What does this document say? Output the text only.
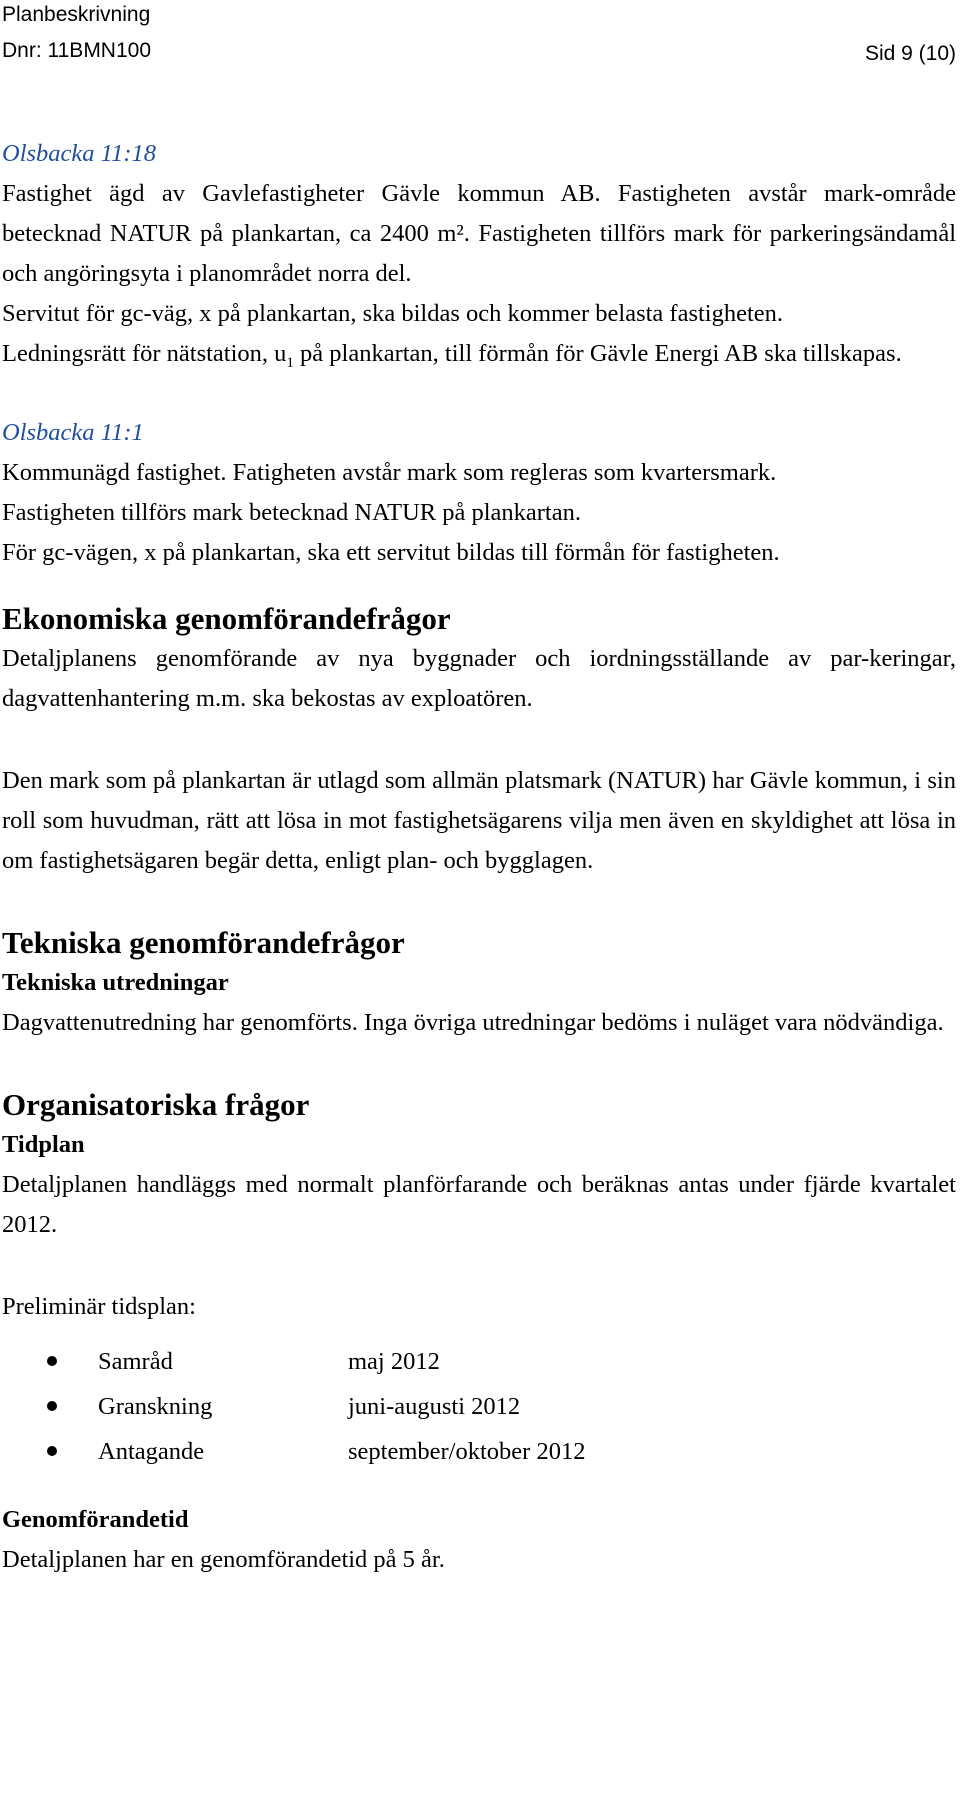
Planbeskrivning
Dnr: 11BMN100	Sid 9 (10)

Olsbacka 11:18

Fastighet ägd av Gavlefastigheter Gävle kommun AB. Fastigheten avstår mark-område betecknad NATUR på plankartan, ca 2400 m². Fastigheten tillförs mark för parkeringsändamål och angöringsyta i planområdet norra del.

Servitut för gc-väg, x på plankartan, ska bildas och kommer belasta fastigheten.

Ledningsrätt för nätstation, $u_1$ på plankartan, till förmån för Gävle Energi AB ska tillskapas.

Olsbacka 11:1

Kommunägd fastighet. Fatigheten avstår mark som regleras som kvartersmark.

Fastigheten tillförs mark betecknad NATUR på plankartan.

För gc-vägen, x på plankartan, ska ett servitut bildas till förmån för fastigheten.

Ekonomiska genomförandefrågor

Detaljplanens genomförande av nya byggnader och iordningsställande av par-keringar, dagvattenhantering m.m. ska bekostas av exploatören.

Den mark som på plankartan är utlagd som allmän platsmark (NATUR) har Gävle kommun, i sin roll som huvudman, rätt att lösa in mot fastighetsägarens vilja men även en skyldighet att lösa in om fastighetsägaren begär detta, enligt plan- och bygglagen.

Tekniska genomförandefrågor
Tekniska utredningar

Dagvattenutredning har genomförts. Inga övriga utredningar bedöms i nuläget vara nödvändiga.

Organisatoriska frågor
Tidplan

Detaljplanen handläggs med normalt planförfarande och beräknas antas under fjärde kvartalet 2012.

Preliminär tidsplan:

Samråd	maj 2012
Granskning	juni-augusti 2012
Antagande	september/oktober 2012
Genomförandetid

Detaljplanen har en genomförandetid på 5 år.
